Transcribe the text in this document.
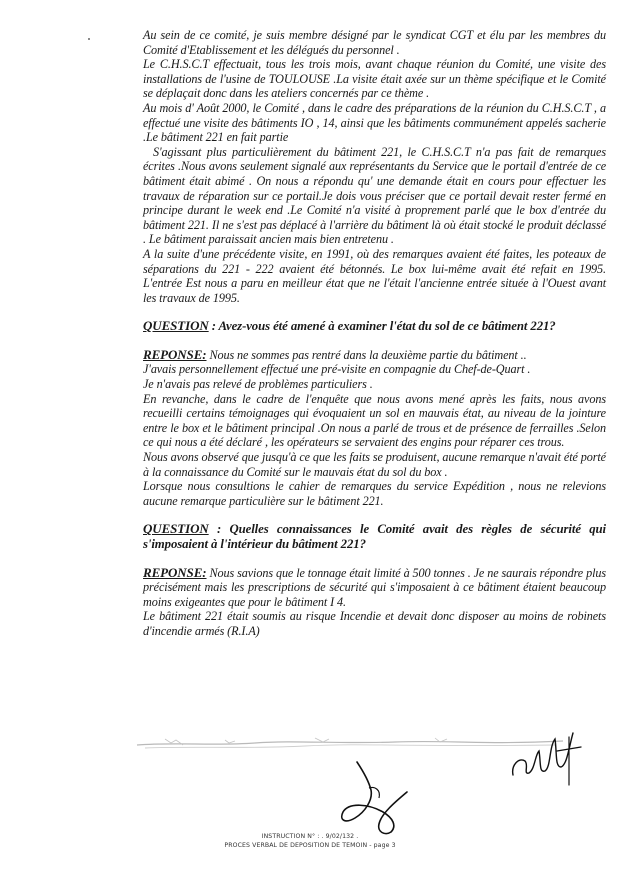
Au sein de ce comité, je suis membre désigné par le syndicat CGT et élu par les membres du Comité d'Etablissement et les délégués du personnel .

Le C.H.S.C.T effectuait, tous les trois mois, avant chaque réunion du Comité, une visite des installations de l'usine de TOULOUSE .La visite était axée sur un thème spécifique et le Comité se déplaçait donc dans les ateliers concernés par ce thème .

Au mois d' Août 2000, le Comité , dans le cadre des préparations de la réunion du C.H.S.C.T , a effectué une visite des bâtiments IO , 14, ainsi que les bâtiments communément appelés sacherie .Le bâtiment 221 en fait partie

S'agissant plus particulièrement du bâtiment 221, le C.H.S.C.T n'a pas fait de remarques écrites .Nous avons seulement signalé aux représentants du Service que le portail d'entrée de ce bâtiment était abimé . On nous a répondu qu' une demande était en cours pour effectuer les travaux de réparation sur ce portail.Je dois vous préciser que ce portail devait rester fermé en principe durant le week end .Le Comité n'a visité à proprement parlé que le box d'entrée du bâtiment 221. Il ne s'est pas déplacé à l'arrière du bâtiment là où était stocké le produit déclassé . Le bâtiment paraissait ancien mais bien entretenu .

A la suite d'une précédente visite, en 1991, où des remarques avaient été faites, les poteaux de séparations du 221 - 222 avaient été bétonnés. Le box lui-même avait été refait en 1995. L'entrée Est nous a paru en meilleur état que ne l'était l'ancienne entrée située à l'Ouest avant les travaux de 1995.

QUESTION : Avez-vous été amené à examiner l'état du sol de ce bâtiment 221?

REPONSE: Nous ne sommes pas rentré dans la deuxième partie du bâtiment ..

J'avais personnellement effectué une pré-visite en compagnie du Chef-de-Quart .

Je n'avais pas relevé de problèmes particuliers .

En revanche, dans le cadre de l'enquête que nous avons mené après les faits, nous avons recueilli certains témoignages qui évoquaient un sol en mauvais état, au niveau de la jointure entre le box et le bâtiment principal .On nous a parlé de trous et de présence de ferrailles .Selon ce qui nous a été déclaré , les opérateurs se servaient des engins pour réparer ces trous.

Nous avons observé que jusqu'à ce que les faits se produisent, aucune remarque n'avait été porté à la connaissance du Comité sur le mauvais état du sol du box .

Lorsque nous consultions le cahier de remarques du service Expédition , nous ne relevions aucune remarque particulière sur le bâtiment 221.

QUESTION : Quelles connaissances le Comité avait des règles de sécurité qui s'imposaient à l'intérieur du bâtiment 221?

REPONSE: Nous savions que le tonnage était limité à 500 tonnes . Je ne saurais répondre plus précisément mais les prescriptions de sécurité qui s'imposaient à ce bâtiment étaient beaucoup moins exigeantes que pour le bâtiment I 4.

Le bâtiment 221 était soumis au risque Incendie et devait donc disposer au moins de robinets d'incendie armés (R.I.A)

INSTRUCTION N° : . 9/02/132 .
PROCES VERBAL DE DEPOSITION DE TEMOIN - page 3
